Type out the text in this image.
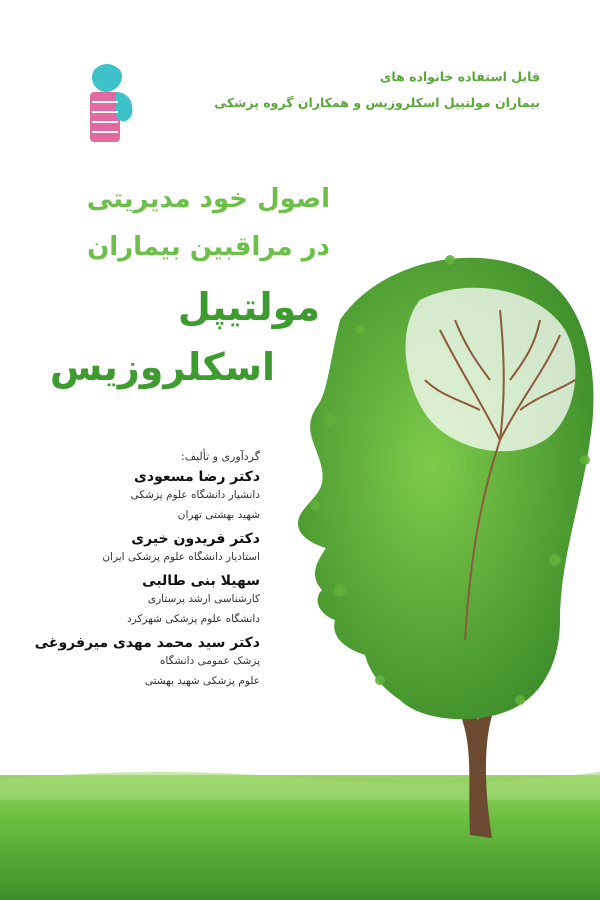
قابل استفاده خانواده های
بیماران مولتیپل اسکلروزیس و همکاران گروه پزشکی
اصول خود مدیریتی
در مراقبین بیماران
مولتیپل
اسکلروزیس
گردآوری و تألیف:
دکتر رضا مسعودی
دانشیار دانشگاه علوم پزشکی
شهید بهشتی تهران
دکتر فریدون خیری
استادیار دانشگاه علوم پزشکی ایران
سهیلا بنی طالبی
کارشناسی ارشد پرستاری
دانشگاه علوم پزشکی شهرکرد
دکتر سید محمد مهدی میرفروغی
پزشک عمومی دانشگاه
علوم پزشکی شهید بهشتی
